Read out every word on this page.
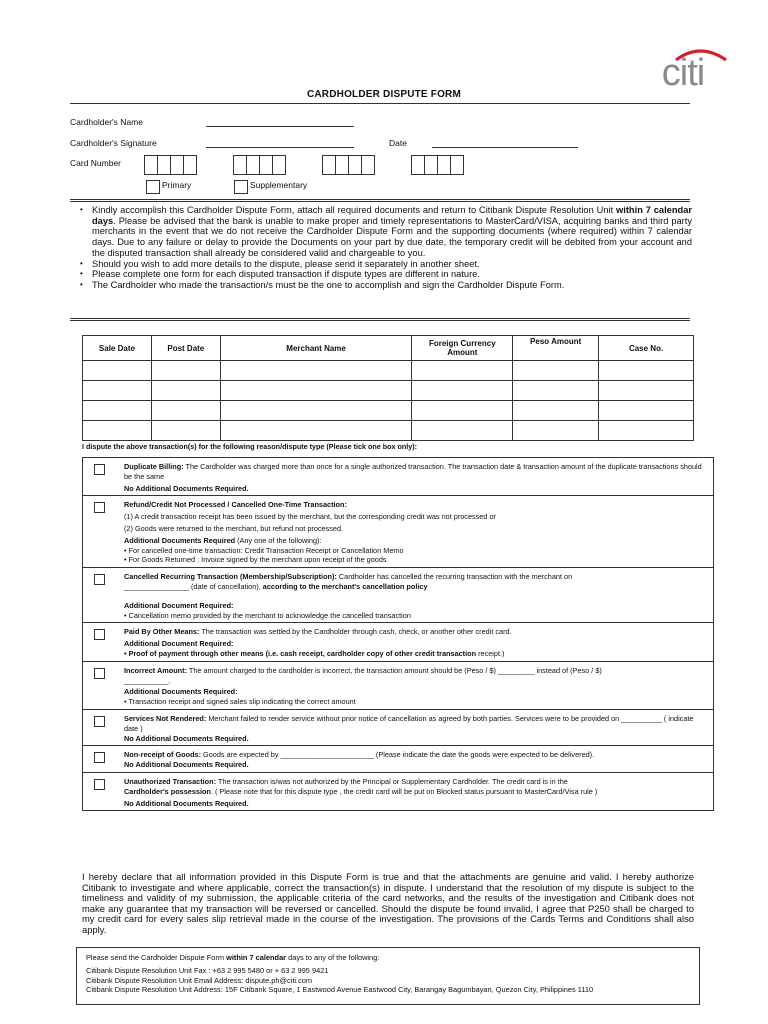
citi
CARDHOLDER DISPUTE FORM
Cardholder's Name
Cardholder's Signature	Date
Card Number
Primary	Supplementary
• Kindly accomplish this Cardholder Dispute Form, attach all required documents and return to Citibank Dispute Resolution Unit within 7 calendar days. Please be advised that the bank is unable to make proper and timely representations to MasterCard/VISA, acquiring banks and third party merchants in the event that we do not receive the Cardholder Dispute Form and the supporting documents (where required) within 7 calendar days. Due to any failure or delay to provide the Documents on your part by due date, the temporary credit will be debited from your account and the disputed transaction shall already be considered valid and chargeable to you.
• Should you wish to add more details to the dispute, please send it separately in another sheet.
• Please complete one form for each disputed transaction if dispute types are different in nature.
• The Cardholder who made the transaction/s must be the one to accomplish and sign the Cardholder Dispute Form.
Sale Date	Post Date	Merchant Name	Foreign Currency Amount	Peso Amount	Case No.

I dispute the above transaction(s) for the following reason/dispute type (Please tick one box only):

Duplicate Billing: The Cardholder was charged more than once for a single authorized transaction. The transaction date & transaction amount of the duplicate transactions should be the same

No Additional Documents Required.

Refund/Credit Not Processed / Cancelled One-Time Transaction:

(1) A credit transaction receipt has been issued by the merchant, but the corresponding credit was not processed or

(2) Goods were returned to the merchant, but refund not processed.

Additional Documents Required (Any one of the following):

• For cancelled one-time transaction: Credit Transaction Receipt or Cancellation Memo

• For Goods Returned : Invoice signed by the merchant upon receipt of the goods

Cancelled Recurring Transaction (Membership/Subscription): Cardholder has cancelled the recurring transaction with the merchant on

________________ (date of cancellation), according to the merchant's cancellation policy

Additional Document Required:

• Cancellation memo provided by the merchant to acknowledge the cancelled transaction

Paid By Other Means: The transaction was settled by the Cardholder through cash, check, or another other credit card.

Additional Document Required:

• Proof of payment through other means (i.e. cash receipt, cardholder copy of other credit transaction receipt.)

Incorrect Amount: The amount charged to the cardholder is incorrect, the transaction amount should be (Peso / $) _________ instead of (Peso / $)

___________.

Additional Documents Required:

• Transaction receipt and signed sales slip indicating the correct amount

Services Not Rendered: Merchant failed to render service without prior notice of cancellation as agreed by both parties. Services were to be provided on __________ ( indicate date )

No Additional Documents Required.

Non-receipt of Goods: Goods are expected by _______________________ (Please indicate the date the goods were expected to be delivered).

No Additional Documents Required.

Unauthorized Transaction: The transaction is/was not authorized by the Principal or Supplementary Cardholder. The credit card is in the

Cardholder's possession. ( Please note that for this dispute type , the credit card will be put on Blocked status pursuant to MasterCard/Visa rule )

No Additional Documents Required.

I hereby declare that all information provided in this Dispute Form is true and that the attachments are genuine and valid. I hereby authorize Citibank to investigate and where applicable, correct the transaction(s) in dispute. I understand that the resolution of my dispute is subject to the timeliness and validity of my submission, the applicable criteria of the card networks, and the results of the investigation and Citibank does not make any guarantee that my transaction will be reversed or cancelled. Should the dispute be found invalid, I agree that P250 shall be charged to my credit card for every sales slip retrieval made in the course of the investigation. The provisions of the Cards Terms and Conditions shall also apply.
Please send the Cardholder Dispute Form within 7 calendar days to any of the following:
Citibank Dispute Resolution Unit Fax : +63 2 995 5480 or + 63 2 995 9421
Citibank Dispute Resolution Unit Email Address: dispute.ph@citi.com
Citibank Dispute Resolution Unit Address: 15F Citibank Square, 1 Eastwood Avenue Eastwood City, Barangay Bagumbayan, Quezon City, Philippines 1110
